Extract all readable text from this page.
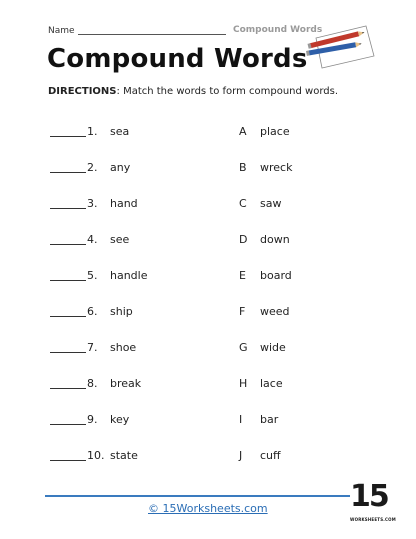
Name	Compound Words
Compound Words
DIRECTIONS: Match the words to form compound words.
1. sea
2. any
3. hand
4. see
5. handle
6. ship
7. shoe
8. break
9. key
10. state
A place
B wreck
C saw
D down
E board
F weed
G wide
H lace
I bar
J cuff
© 15Worksheets.com	15
WORKSHEETS.COM
